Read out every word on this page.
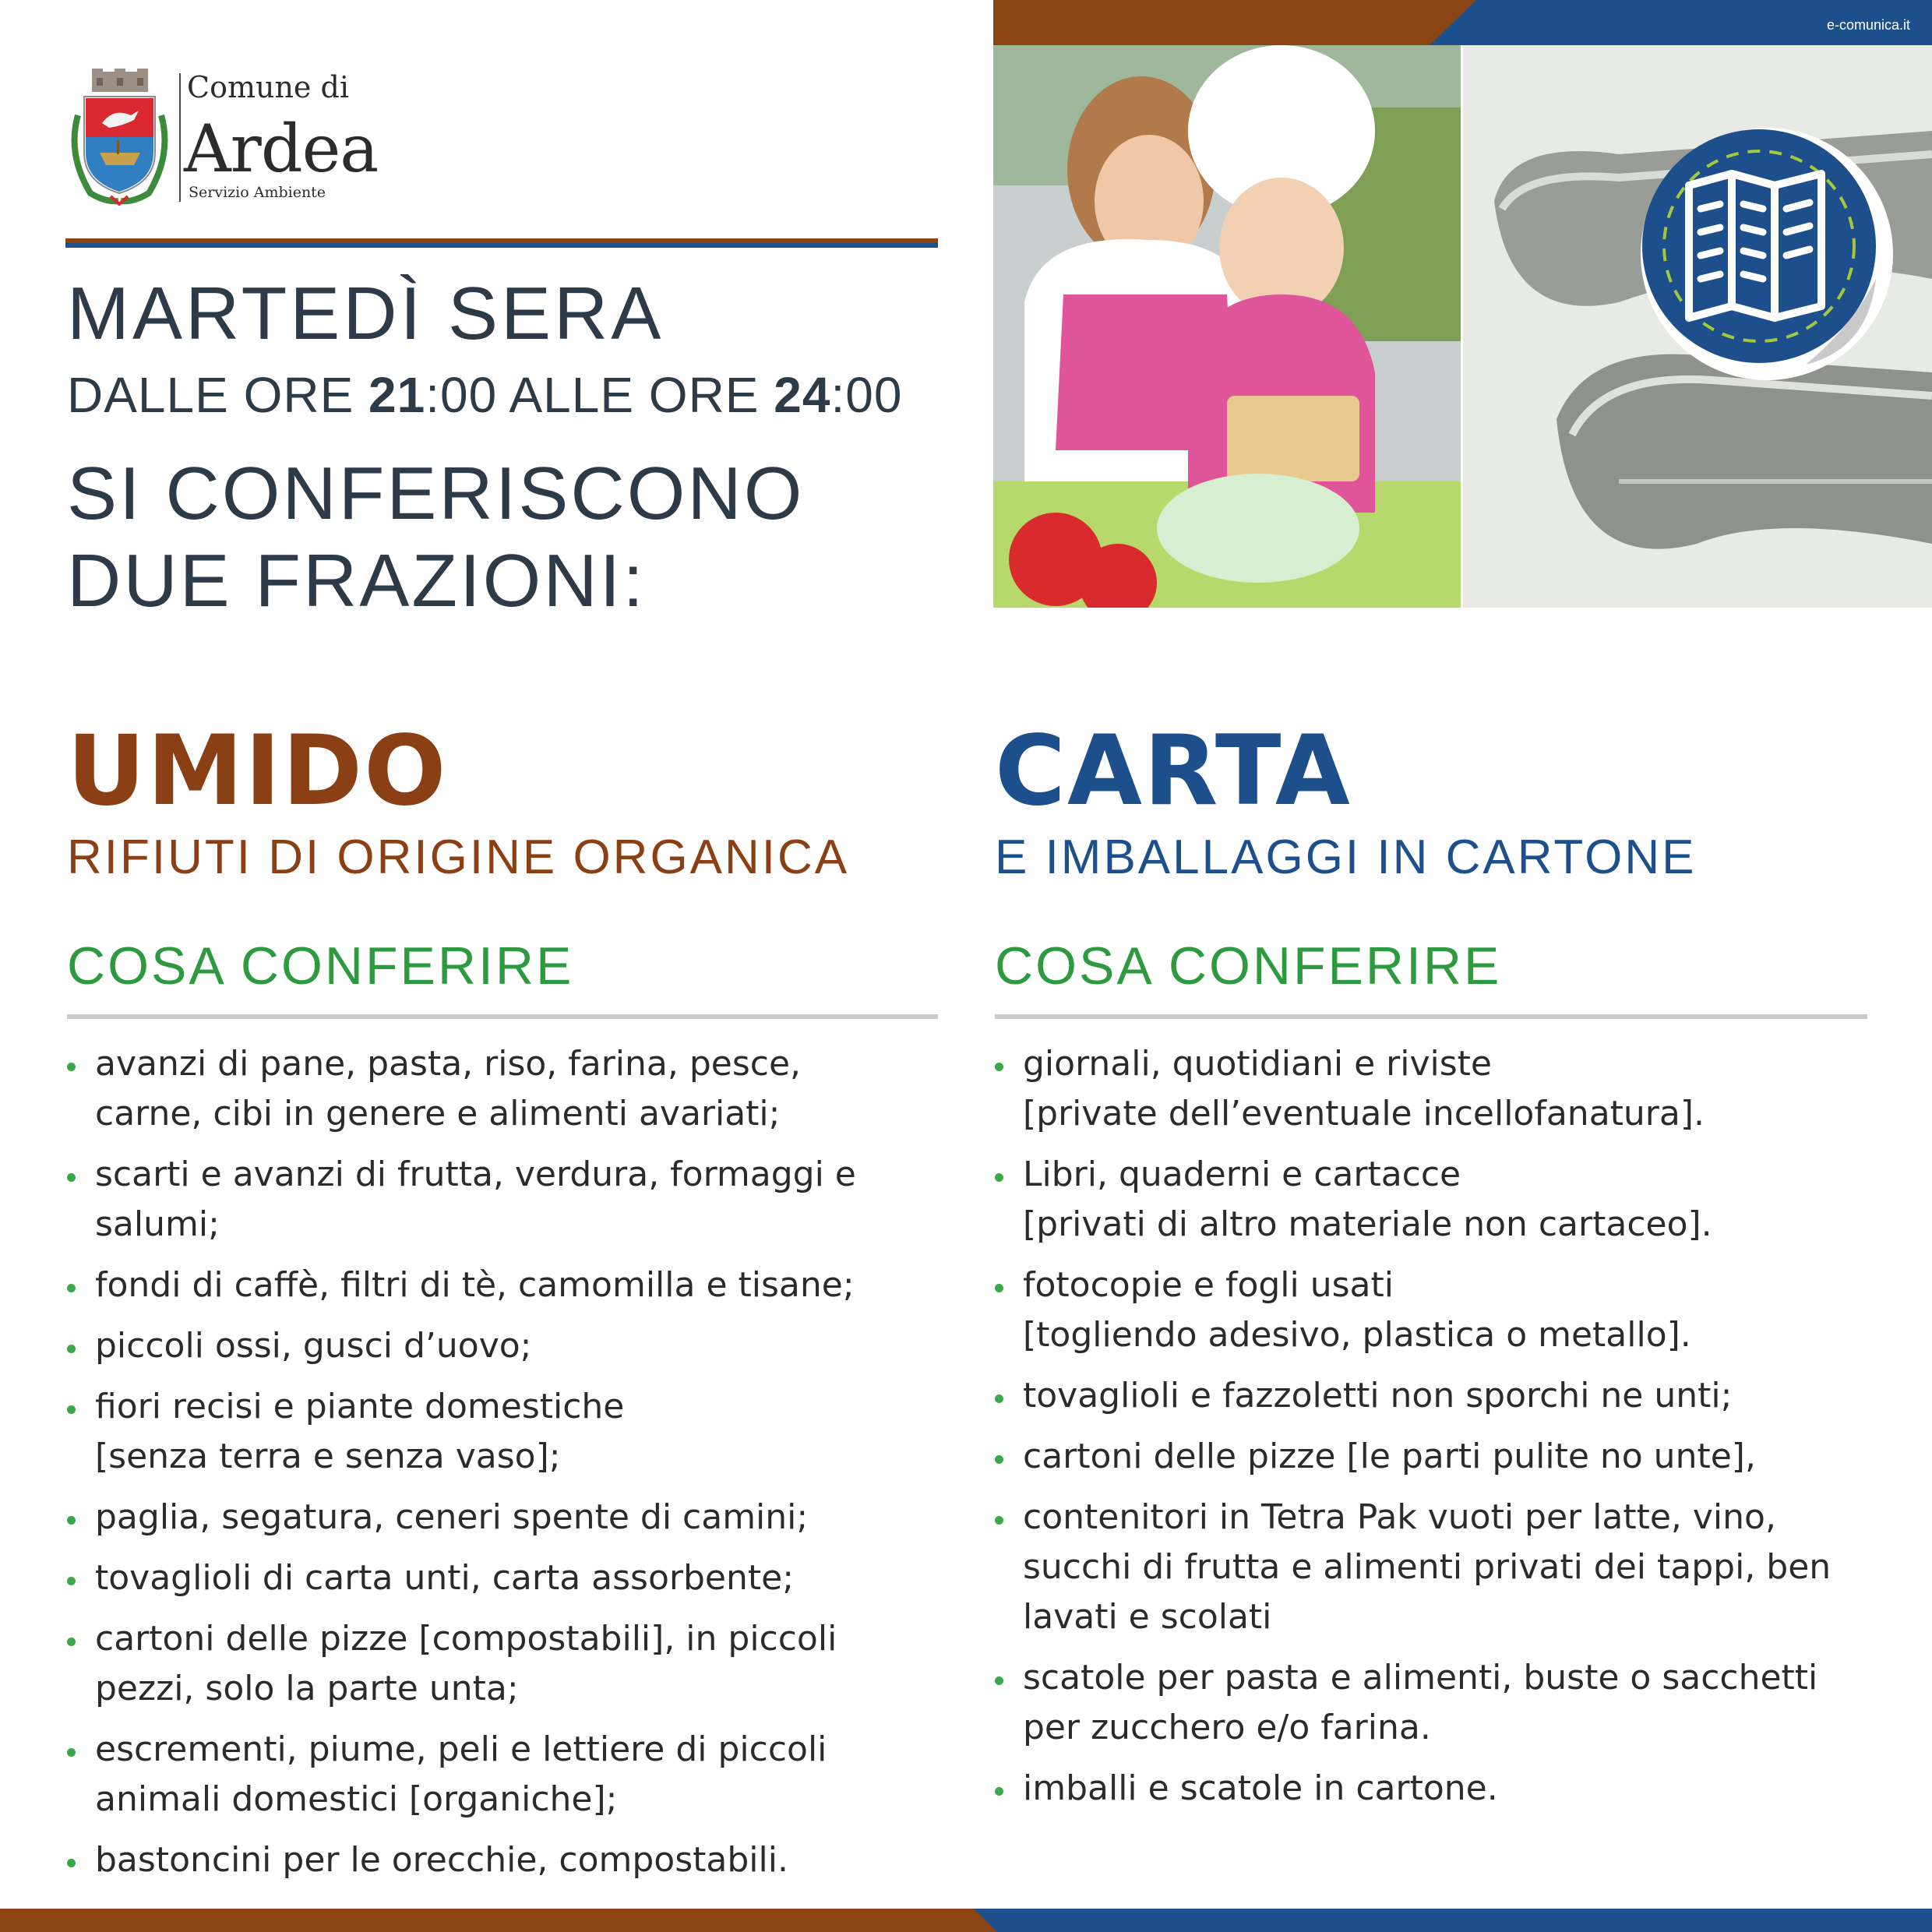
Comune di
Ardea
Servizio Ambiente
MARTEDÌ SERA
DALLE ORE 21:00 ALLE ORE 24:00
SI CONFERISCONO
DUE FRAZIONI:
e-comunica.it
UMIDO
RIFIUTI DI ORIGINE ORGANICA
COSA CONFERIRE
avanzi di pane, pasta, riso, farina, pesce,
carne, cibi in genere e alimenti avariati;
scarti e avanzi di frutta, verdura, formaggi e
salumi;
fondi di caffè, filtri di tè, camomilla e tisane;
piccoli ossi, gusci d’uovo;
fiori recisi e piante domestiche
[senza terra e senza vaso];
paglia, segatura, ceneri spente di camini;
tovaglioli di carta unti, carta assorbente;
cartoni delle pizze [compostabili], in piccoli
pezzi, solo la parte unta;
escrementi, piume, peli e lettiere di piccoli
animali domestici [organiche];
bastoncini per le orecchie, compostabili.
CARTA
E IMBALLAGGI IN CARTONE
COSA CONFERIRE
giornali, quotidiani e riviste
[private dell’eventuale incellofanatura].
Libri, quaderni e cartacce
[privati di altro materiale non cartaceo].
fotocopie e fogli usati
[togliendo adesivo, plastica o metallo].
tovaglioli e fazzoletti non sporchi ne unti;
cartoni delle pizze [le parti pulite no unte],
contenitori in Tetra Pak vuoti per latte, vino,
succhi di frutta e alimenti privati dei tappi, ben
lavati e scolati
scatole per pasta e alimenti, buste o sacchetti
per zucchero e/o farina.
imballi e scatole in cartone.
